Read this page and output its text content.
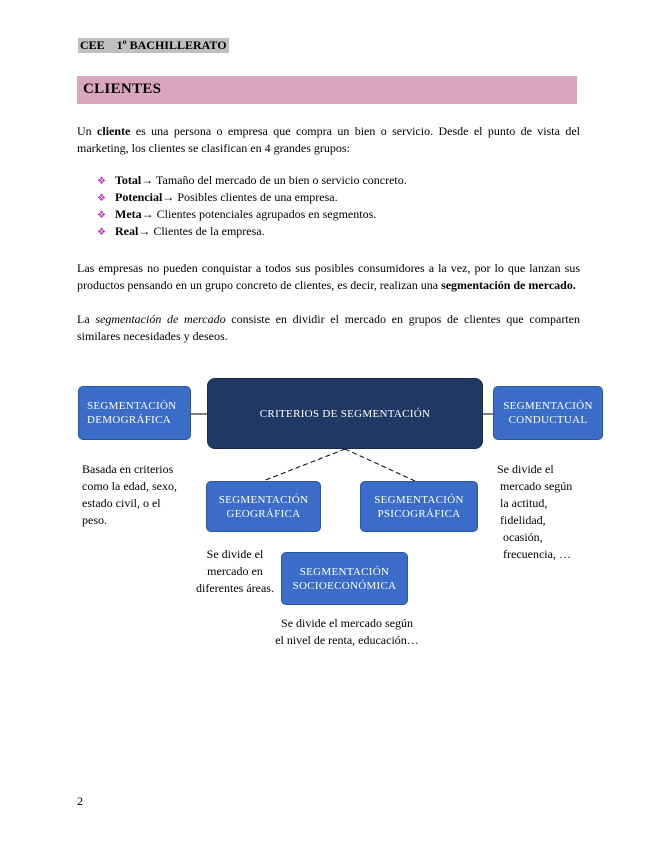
CEE    1º BACHILLERATO
CLIENTES
Un cliente es una persona o empresa que compra un bien o servicio. Desde el punto de vista del marketing, los clientes se clasifican en 4 grandes grupos:
❖ Total→ Tamaño del mercado de un bien o servicio concreto.
❖ Potencial→ Posibles clientes de una empresa.
❖ Meta→ Clientes potenciales agrupados en segmentos.
❖ Real→ Clientes de la empresa.
Las empresas no pueden conquistar a todos sus posibles consumidores a la vez, por lo que lanzan sus productos pensando en un grupo concreto de clientes, es decir, realizan una segmentación de mercado.
La segmentación de mercado consiste en dividir el mercado en grupos de clientes que comparten similares necesidades y deseos.
CRITERIOS DE SEGMENTACIÓN
SEGMENTACIÓN
DEMOGRÁFICA
SEGMENTACIÓN
CONDUCTUAL
SEGMENTACIÓN
GEOGRÁFICA
SEGMENTACIÓN
PSICOGRÁFICA
SEGMENTACIÓN
SOCIOECONÓMICA
Basada en criterios
como la edad, sexo,
estado civil, o el
peso.
Se divide el
mercado según
la actitud,
fidelidad,
ocasión,
frecuencia, …
Se divide el
mercado en
diferentes áreas.
Se divide el mercado según
el nivel de renta, educación…
2
